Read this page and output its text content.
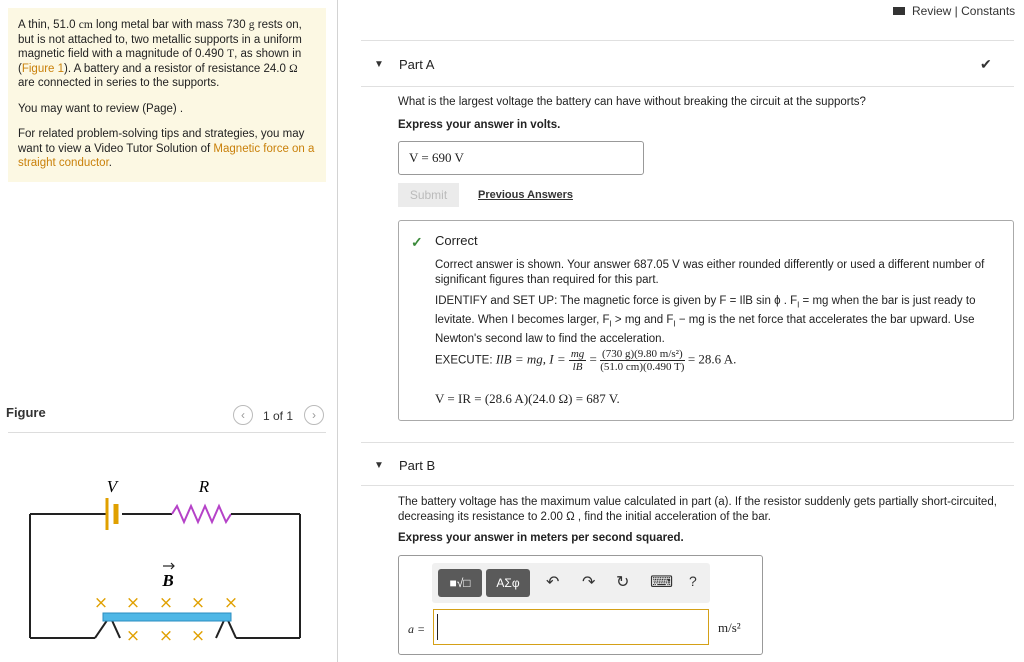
A thin, 51.0 cm long metal bar with mass 730 g rests on, but is not attached to, two metallic supports in a uniform magnetic field with a magnitude of 0.490 T, as shown in (Figure 1). A battery and a resistor of resistance 24.0 Ω are connected in series to the supports.

You may want to review (Page) .

For related problem-solving tips and strategies, you may want to view a Video Tutor Solution of Magnetic force on a straight conductor.

Figure	‹	1 of 1	›
V	R
B
× × × × ×
× × ×
Review | Constants
▼ Part A	✔
What is the largest voltage the battery can have without breaking the circuit at the supports?
Express your answer in volts.
V = 690 V
Submit	Previous Answers
✓ Correct
Correct answer is shown. Your answer 687.05 V was either rounded differently or used a different number of significant figures than required for this part.
IDENTIFY and SET UP: The magnetic force is given by F = IlB sin ϕ . $F_I$ = mg when the bar is just ready to levitate. When I becomes larger, $F_I$ > mg and $F_I$ − mg is the net force that accelerates the bar upward. Use Newton's second law to find the acceleration.
EXECUTE: IlB = mg, $I = \frac{mg}{lB} = \frac{\text{(730 g)(9.80 m/s²)}}{(51.0 cm)(0.490 T)} = 28.6$ A.
V = IR = (28.6 A)(24.0 Ω) = 687 V.
▼ Part B
The battery voltage has the maximum value calculated in part (a). If the resistor suddenly gets partially short-circuited, decreasing its resistance to 2.00 Ω , find the initial acceleration of the bar.
Express your answer in meters per second squared.
■√□	ΑΣφ	↶ ↷ ↻ ⌨ ?
a =	m/s²
